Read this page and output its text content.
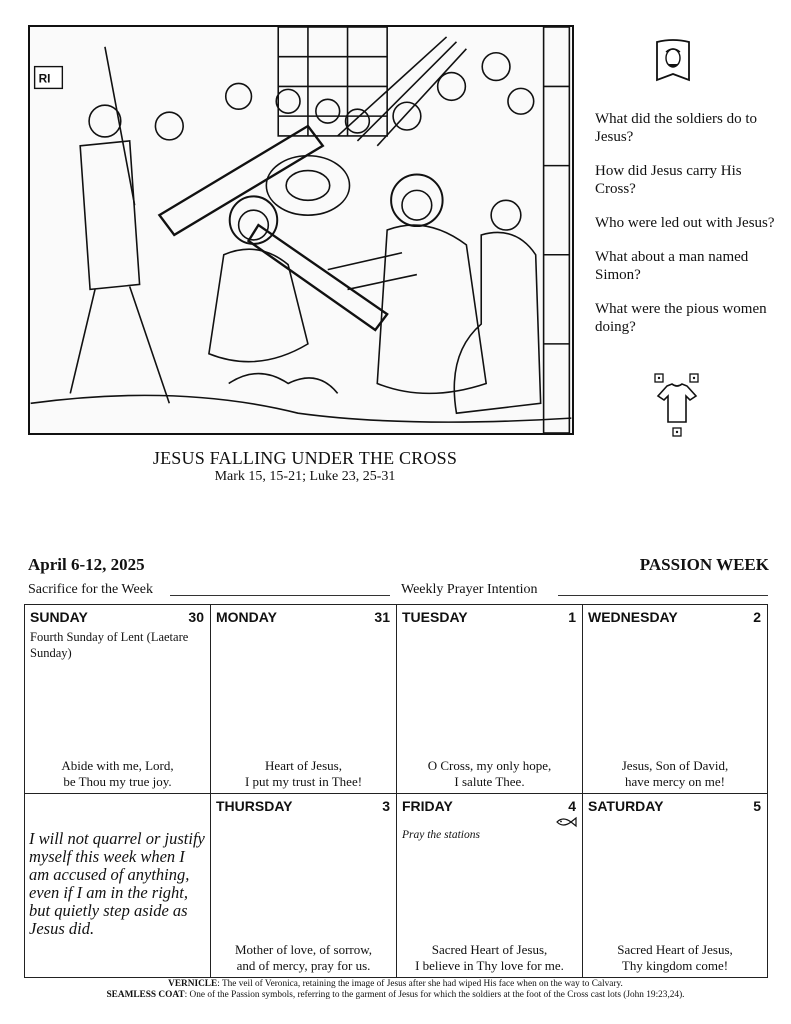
RI
JESUS FALLING UNDER THE CROSS
Mark 15, 15-21; Luke 23, 25-31

What did the soldiers do to Jesus?

How did Jesus carry His Cross?

Who were led out with Jesus?

What about a man named Simon?

What were the pious women doing?

April 6-12, 2025	PASSION WEEK
Sacrifice for the Week	Weekly Prayer Intention
SUNDAY	30
Fourth Sunday of Lent (Laetare Sunday)
Abide with me, Lord,
be Thou my true joy.
MONDAY	31
Heart of Jesus,
I put my trust in Thee!
TUESDAY	1
O Cross, my only hope,
I salute Thee.
WEDNESDAY	2
Jesus, Son of David,
have mercy on me!
I will not quarrel or justify myself this week when I am accused of anything, even if I am in the right, but quietly step aside as Jesus did.
THURSDAY	3
Mother of love, of sorrow,
and of mercy, pray for us.
FRIDAY	4
Pray the stations
Sacred Heart of Jesus,
I believe in Thy love for me.
SATURDAY	5
Sacred Heart of Jesus,
Thy kingdom come!
VERNICLE: The veil of Veronica, retaining the image of Jesus after she had wiped His face when on the way to Calvary.
SEAMLESS COAT: One of the Passion symbols, referring to the garment of Jesus for which the soldiers at the foot of the Cross cast lots (John 19:23,24).
